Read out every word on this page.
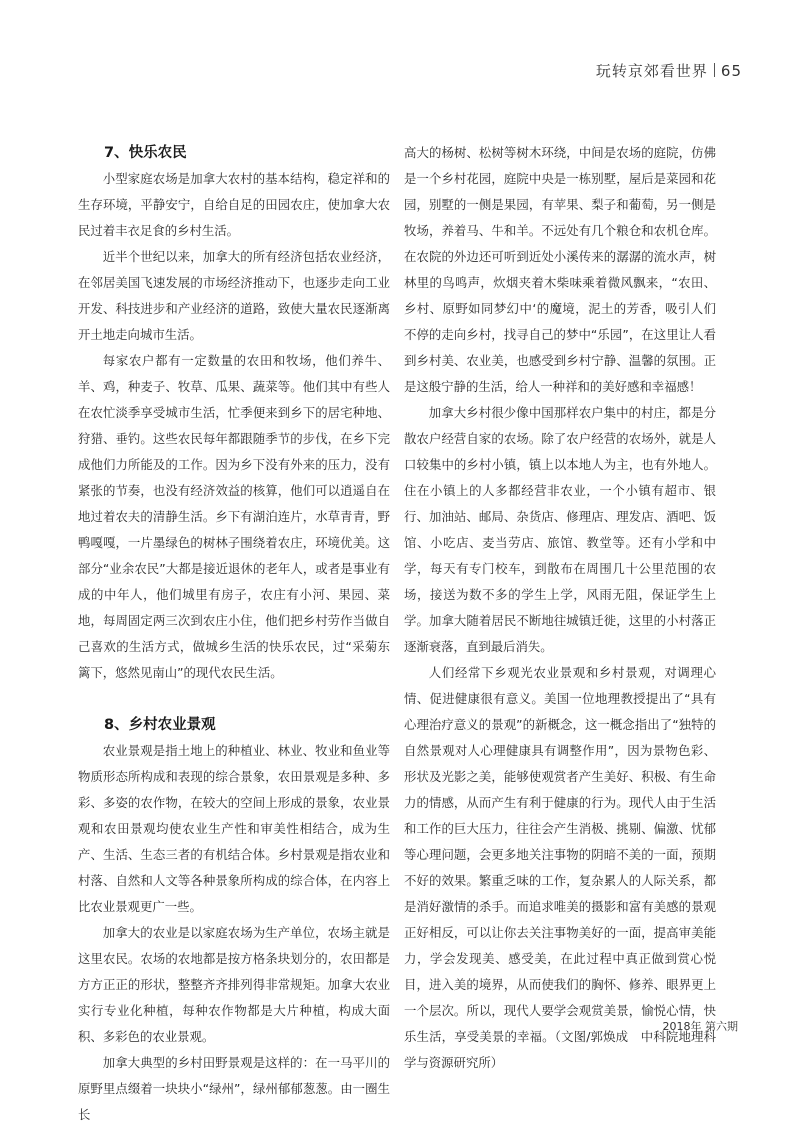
玩转京郊看世界 65
7、快乐农民

小型家庭农场是加拿大农村的基本结构，稳定祥和的生存环境，平静安宁，自给自足的田园农庄，使加拿大农民过着丰衣足食的乡村生活。

近半个世纪以来，加拿大的所有经济包括农业经济，在邻居美国飞速发展的市场经济推动下，也逐步走向工业开发、科技进步和产业经济的道路，致使大量农民逐渐离开土地走向城市生活。

每家农户都有一定数量的农田和牧场，他们养牛、羊、鸡，种麦子、牧草、瓜果、蔬菜等。他们其中有些人在农忙淡季享受城市生活，忙季便来到乡下的居宅种地、狩猎、垂钓。这些农民每年都跟随季节的步伐，在乡下完成他们力所能及的工作。因为乡下没有外来的压力，没有紧张的节奏，也没有经济效益的核算，他们可以逍遥自在地过着农夫的清静生活。乡下有湖泊连片，水草青青，野鸭嘎嘎，一片墨绿色的树林子围绕着农庄，环境优美。这部分“业余农民”大都是接近退休的老年人，或者是事业有成的中年人，他们城里有房子，农庄有小河、果园、菜地，每周固定两三次到农庄小住，他们把乡村劳作当做自己喜欢的生活方式，做城乡生活的快乐农民，过“采菊东篱下，悠然见南山”的现代农民生活。

8、乡村农业景观

农业景观是指土地上的种植业、林业、牧业和鱼业等物质形态所构成和表现的综合景象，农田景观是多种、多彩、多姿的农作物，在较大的空间上形成的景象，农业景观和农田景观均使农业生产性和审美性相结合，成为生产、生活、生态三者的有机结合体。乡村景观是指农业和村落、自然和人文等各种景象所构成的综合体，在内容上比农业景观更广一些。

加拿大的农业是以家庭农场为生产单位，农场主就是这里农民。农场的农地都是按方格条块划分的，农田都是方方正正的形状，整整齐齐排列得非常规矩。加拿大农业实行专业化种植，每种农作物都是大片种植，构成大面积、多彩色的农业景观。

加拿大典型的乡村田野景观是这样的：在一马平川的原野里点缀着一块块小“绿州”，绿州郁郁葱葱。由一圈生长

高大的杨树、松树等树木环绕，中间是农场的庭院，仿佛是一个乡村花园，庭院中央是一栋别墅，屋后是菜园和花园，别墅的一侧是果园，有苹果、梨子和葡萄，另一侧是牧场，养着马、牛和羊。不远处有几个粮仓和农机仓库。在农院的外边还可听到近处小溪传来的潺潺的流水声，树林里的鸟鸣声，炊烟夹着木柴味乘着微风飘来，“农田、乡村、原野如同梦幻中‘的魔境，泥土的芳香，吸引人们不停的走向乡村，找寻自己的梦中“乐园”，在这里让人看到乡村美、农业美，也感受到乡村宁静、温馨的氛围。正是这般宁静的生活，给人一种祥和的美好感和幸福感！

加拿大乡村很少像中国那样农户集中的村庄，都是分散农户经营自家的农场。除了农户经营的农场外，就是人口较集中的乡村小镇，镇上以本地人为主，也有外地人。住在小镇上的人多都经营非农业，一个小镇有超市、银行、加油站、邮局、杂货店、修理店、理发店、酒吧、饭馆、小吃店、麦当劳店、旅馆、教堂等。还有小学和中学，每天有专门校车，到散布在周围几十公里范围的农场，接送为数不多的学生上学，风雨无阻，保证学生上学。加拿大随着居民不断地往城镇迁徙，这里的小村落正逐渐衰落，直到最后消失。

人们经常下乡观光农业景观和乡村景观，对调理心情、促进健康很有意义。美国一位地理教授提出了“具有心理治疗意义的景观”的新概念，这一概念指出了“独特的自然景观对人心理健康具有调整作用”，因为景物色彩、形状及光影之美，能够使观赏者产生美好、积极、有生命力的情感，从而产生有利于健康的行为。现代人由于生活和工作的巨大压力，往往会产生消极、挑剔、偏激、忧郁等心理问题，会更多地关注事物的阴暗不美的一面，预期不好的效果。繁重乏味的工作，复杂累人的人际关系，都是消好激情的杀手。而追求唯美的摄影和富有美感的景观正好相反，可以让你去关注事物美好的一面，提高审美能力，学会发现美、感受美，在此过程中真正做到赏心悦目，进入美的境界，从而使我们的胸怀、修养、眼界更上一个层次。所以，现代人要学会观赏美景，愉悦心情，快乐生活，享受美景的幸福。（文图/郭焕成　中科院地理科学与资源研究所）

2018年 第六期
